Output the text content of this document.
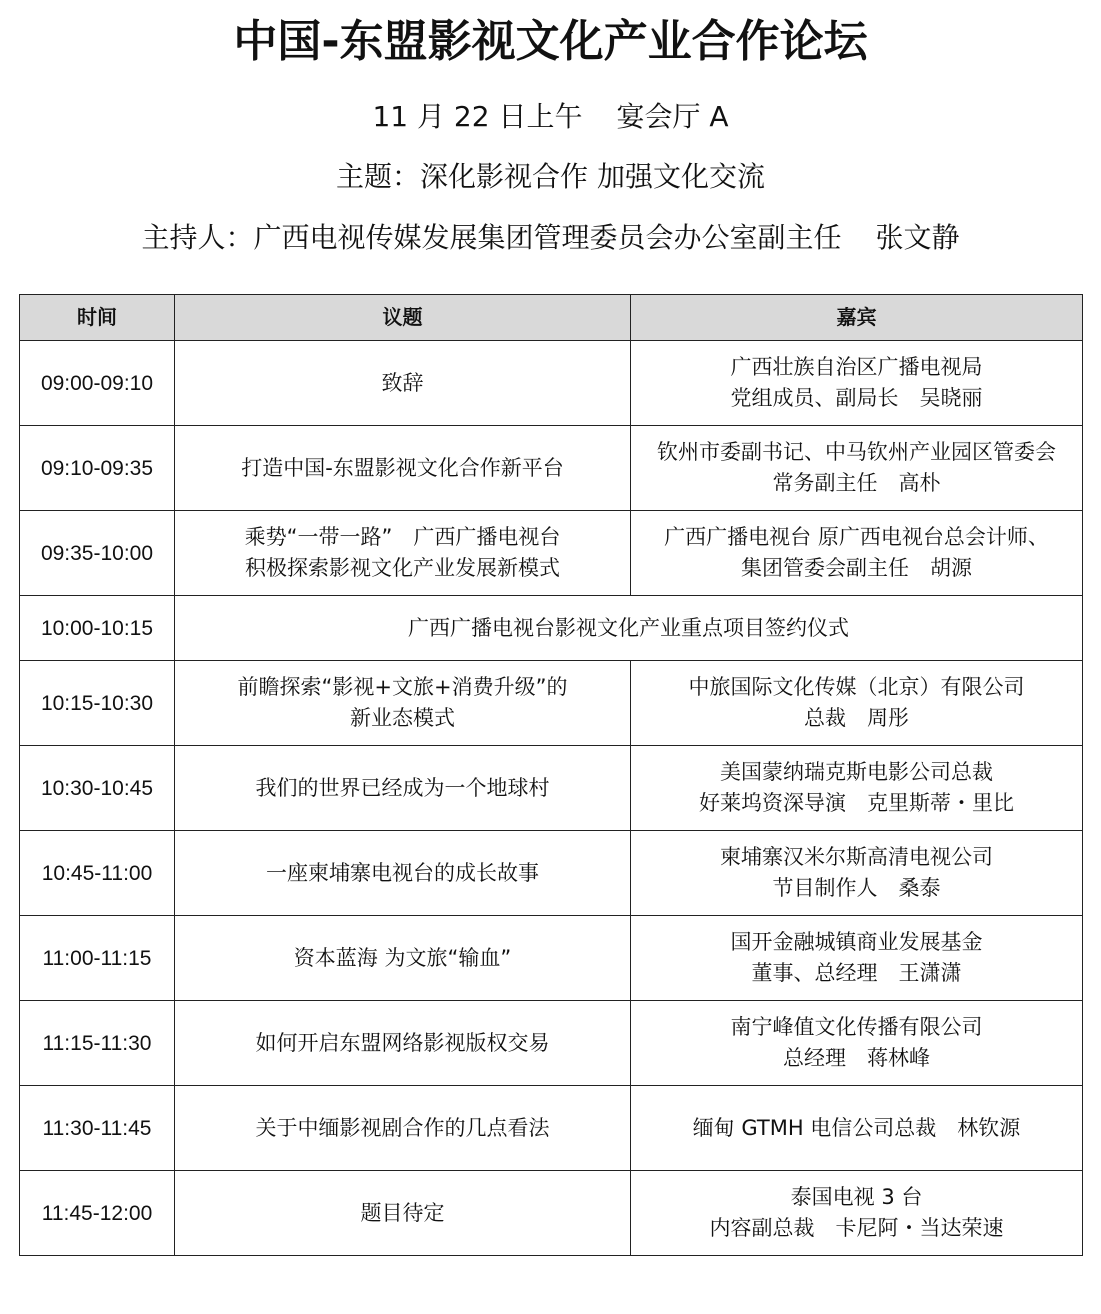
中国-东盟影视文化产业合作论坛
11 月 22 日上午 宴会厅 A
主题：深化影视合作 加强文化交流
主持人：广西电视传媒发展集团管理委员会办公室副主任 张文静
时间	议题	嘉宾
09:00-09:10	致辞	广西壮族自治区广播电视局
党组成员、副局长　吴晓丽

09:10-09:35	打造中国-东盟影视文化合作新平台	钦州市委副书记、中马钦州产业园区管委会
常务副主任　高朴

09:35-10:00	乘势“一带一路”　广西广播电视台
积极探索影视文化产业发展新模式	广西广播电视台 原广西电视台总会计师、
集团管委会副主任　胡源

10:00-10:15	广西广播电视台影视文化产业重点项目签约仪式	
10:15-10:30	前瞻探索“影视+文旅+消费升级”的
新业态模式	中旅国际文化传媒（北京）有限公司
总裁　周彤

10:30-10:45	我们的世界已经成为一个地球村	美国蒙纳瑞克斯电影公司总裁
好莱坞资深导演　克里斯蒂・里比

10:45-11:00	一座柬埔寨电视台的成长故事	柬埔寨汉米尔斯高清电视公司
节目制作人　桑泰

11:00-11:15	资本蓝海 为文旅“输血”	国开金融城镇商业发展基金
董事、总经理　王潇潇

11:15-11:30	如何开启东盟网络影视版权交易	南宁峰值文化传播有限公司
总经理　蒋林峰

11:30-11:45	关于中缅影视剧合作的几点看法	缅甸 GTMH 电信公司总裁　林钦源

11:45-12:00	题目待定	泰国电视 3 台
内容副总裁　卡尼阿・当达荣速
